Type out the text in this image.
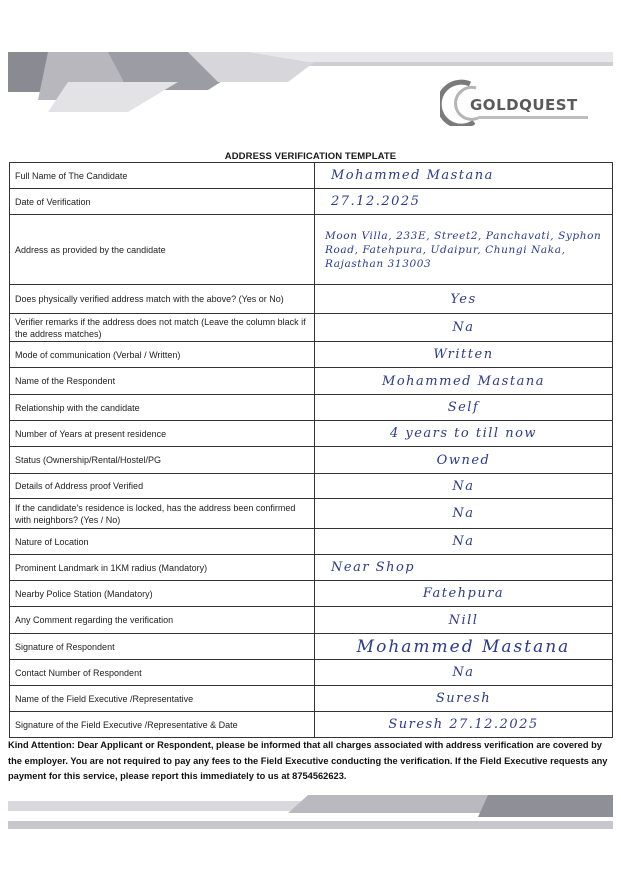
GOLDQUEST
ADDRESS VERIFICATION TEMPLATE
Full Name of The Candidate	Mohammed Mastana
Date of Verification	27.12.2025
Address as provided by the candidate	Moon Villa, 233E, Street2, Panchavati, Syphon Road, Fatehpura, Udaipur, Chungi Naka, Rajasthan 313003
Does physically verified address match with the above? (Yes or No)	Yes
Verifier remarks if the address does not match (Leave the column black if the address matches)	Na
Mode of communication (Verbal / Written)	Written
Name of the Respondent	Mohammed Mastana
Relationship with the candidate	Self
Number of Years at present residence	4 years to till now
Status (Ownership/Rental/Hostel/PG	Owned
Details of Address proof Verified	Na
If the candidate's residence is locked, has the address been confirmed with neighbors? (Yes / No)	Na
Nature of Location	Na
Prominent Landmark in 1KM radius (Mandatory)	Near Shop
Nearby Police Station (Mandatory)	Fatehpura
Any Comment regarding the verification	Nill
Signature of Respondent	Mohammed Mastana
Contact Number of Respondent	Na
Name of the Field Executive /Representative	Suresh
Signature of the Field Executive /Representative & Date	Suresh 27.12.2025
Kind Attention: Dear Applicant or Respondent, please be informed that all charges associated with address verification are covered by the employer. You are not required to pay any fees to the Field Executive conducting the verification. If the Field Executive requests any payment for this service, please report this immediately to us at 8754562623.
